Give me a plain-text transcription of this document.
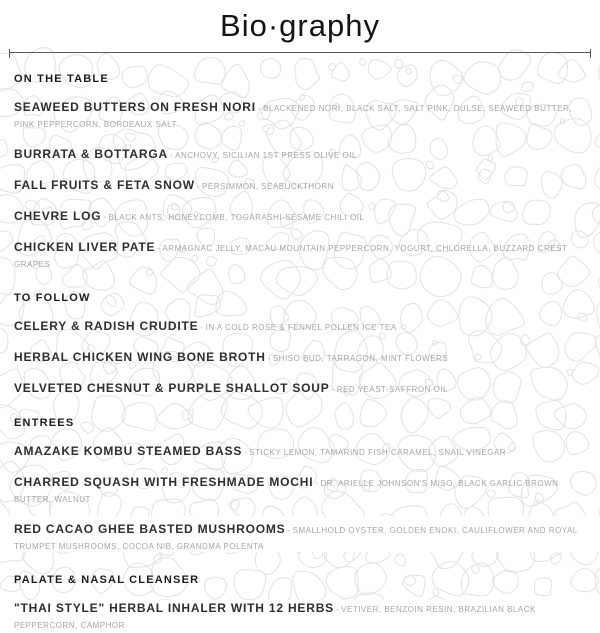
Bio·graphy
ON THE TABLE
SEAWEED BUTTERS ON FRESH NORI - BLACKENED NORI, BLACK SALT, SALT PINK, DULSE, SEAWEED BUTTER, PINK PEPPERCORN, BORDEAUX SALT
BURRATA & BOTTARGA - ANCHOVY, SICILIAN 1ST PRESS OLIVE OIL
FALL FRUITS & FETA SNOW - PERSIMMON, SEABUCKTHORN
CHEVRE LOG - BLACK ANTS, HONEYCOMB, TOGARASHI-SESAME CHILI OIL
CHICKEN LIVER PATE - ARMAGNAC JELLY, MACAU MOUNTAIN PEPPERCORN, YOGURT, CHLORELLA, BUZZARD CREST GRAPES
TO FOLLOW
CELERY & RADISH CRUDITE - IN A COLD ROSE & FENNEL POLLEN ICE TEA
HERBAL CHICKEN WING BONE BROTH - SHISO BUD, TARRAGON, MINT FLOWERS
VELVETED CHESNUT & PURPLE SHALLOT SOUP - RED YEAST-SAFFRON OIL
ENTREES
AMAZAKE KOMBU STEAMED BASS - STICKY LEMON, TAMARIND FISH CARAMEL, SNAIL VINEGAR
CHARRED SQUASH WITH FRESHMADE MOCHI - DR. ARIELLE JOHNSON'S MISO, BLACK GARLIC BROWN BUTTER, WALNUT
RED CACAO GHEE BASTED MUSHROOMS - SMALLHOLD OYSTER, GOLDEN ENOKI, CAULIFLOWER AND ROYAL TRUMPET MUSHROOMS, COCOA NIB, GRANDMA POLENTA
PALATE & NASAL CLEANSER
"THAI STYLE" HERBAL INHALER WITH 12 HERBS - VETIVER, BENZOIN RESIN, BRAZILIAN BLACK PEPPERCORN, CAMPHOR
